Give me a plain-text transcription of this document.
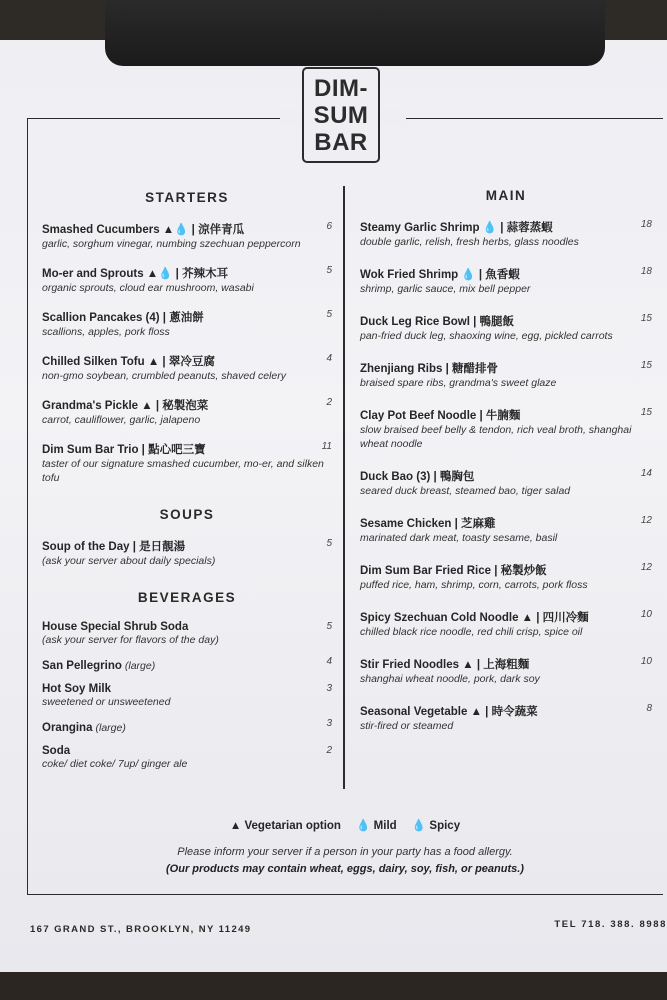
DIM-
SUM
BAR
STARTERS
Smashed Cucumbers ▲💧 | 涼伴青瓜
garlic, sorghum vinegar, numbing szechuan peppercorn
6
Mo-er and Sprouts ▲💧 | 芥辣木耳
organic sprouts, cloud ear mushroom, wasabi
5
Scallion Pancakes (4) | 蔥油餅
scallions, apples, pork floss
5
Chilled Silken Tofu ▲ | 翠冷豆腐
non-gmo soybean, crumbled peanuts, shaved celery
4
Grandma's Pickle ▲ | 秘製泡菜
carrot, cauliflower, garlic, jalapeno
2
Dim Sum Bar Trio | 點心吧三寶
taster of our signature smashed cucumber, mo-er, and silken tofu
11
SOUPS
Soup of the Day | 是日靚湯
(ask your server about daily specials)
5
BEVERAGES
House Special Shrub Soda
(ask your server for flavors of the day)
5
San Pellegrino (large)	4
Hot Soy Milk
sweetened or unsweetened
3
Orangina (large)	3
Soda
coke/ diet coke/ 7up/ ginger ale
2
MAIN
Steamy Garlic Shrimp 💧 | 蒜蓉蒸蝦
double garlic, relish, fresh herbs, glass noodles
18
Wok Fried Shrimp 💧 | 魚香蝦
shrimp, garlic sauce, mix bell pepper
18
Duck Leg Rice Bowl | 鴨腿飯
pan-fried duck leg, shaoxing wine, egg, pickled carrots
15
Zhenjiang Ribs | 糖醋排骨
braised spare ribs, grandma's sweet glaze
15
Clay Pot Beef Noodle | 牛腩麵
slow braised beef belly & tendon, rich veal broth, shanghai wheat noodle
15
Duck Bao (3) | 鴨胸包
seared duck breast, steamed bao, tiger salad
14
Sesame Chicken | 芝麻雞
marinated dark meat, toasty sesame, basil
12
Dim Sum Bar Fried Rice | 秘製炒飯
puffed rice, ham, shrimp, corn, carrots, pork floss
12
Spicy Szechuan Cold Noodle ▲ | 四川冷麵
chilled black rice noodle, red chili crisp, spice oil
10
Stir Fried Noodles ▲ | 上海粗麵
shanghai wheat noodle, pork, dark soy
10
Seasonal Vegetable ▲ | 時令蔬菜
stir-fired or steamed
8
▲ Vegetarian option 💧 Mild 💧 Spicy
Please inform your server if a person in your party has a food allergy.
(Our products may contain wheat, eggs, dairy, soy, fish, or peanuts.)
167 GRAND ST., BROOKLYN, NY 11249	TEL 718. 388. 8988
